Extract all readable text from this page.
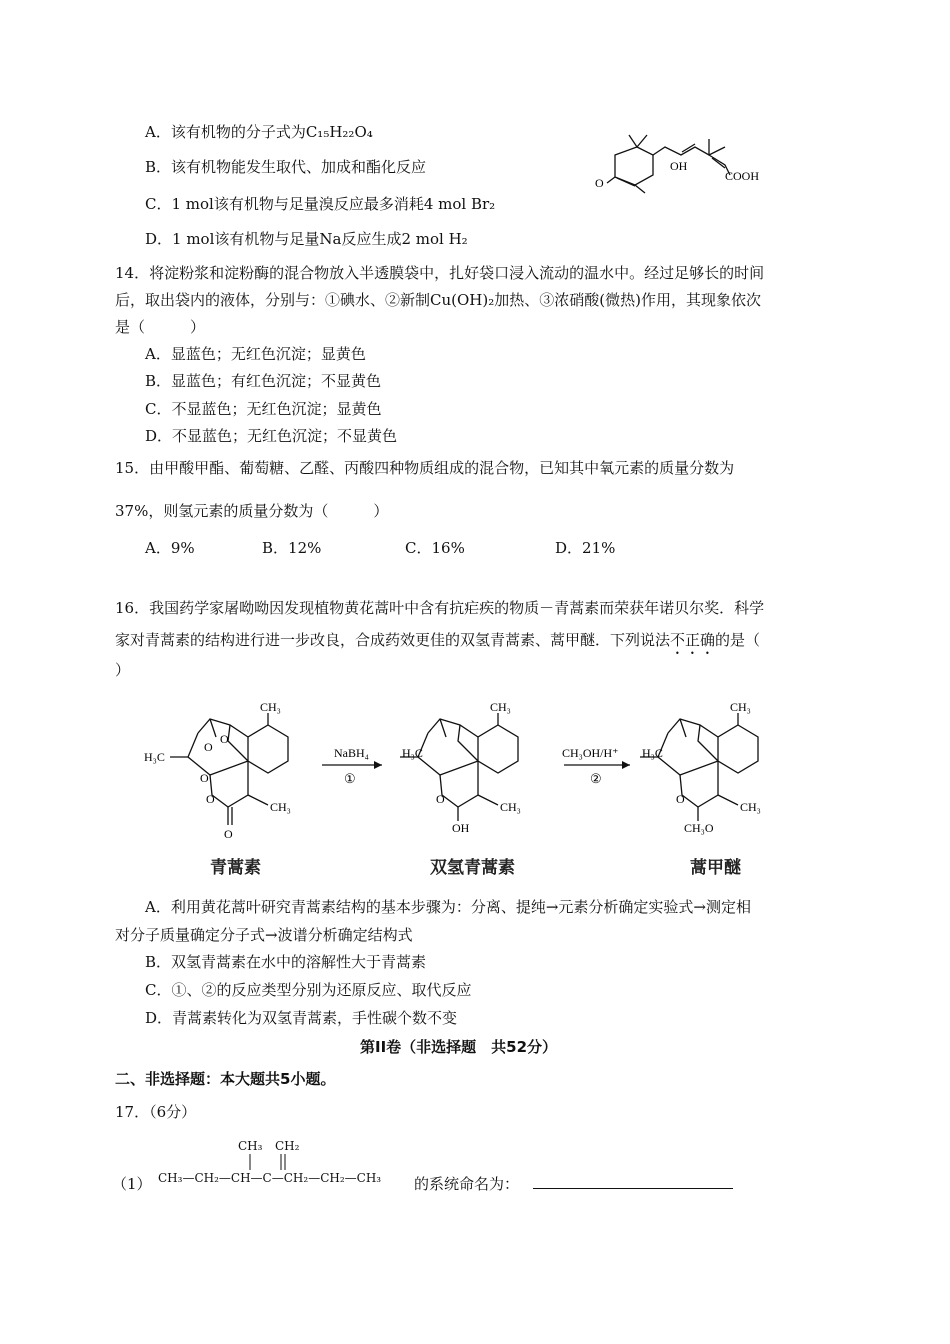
A．该有机物的分子式为C₁₅H₂₂O₄
B．该有机物能发生取代、加成和酯化反应
C．1 mol该有机物与足量溴反应最多消耗4 mol Br₂
D．1 mol该有机物与足量Na反应生成2 mol H₂
OH
COOH
O
14．将淀粉浆和淀粉酶的混合物放入半透膜袋中，扎好袋口浸入流动的温水中。经过足够长的时间
后，取出袋内的液体，分别与：①碘水、②新制Cu(OH)₂加热、③浓硝酸(微热)作用，其现象依次
是（　　　）
A．显蓝色；无红色沉淀；显黄色
B．显蓝色；有红色沉淀；不显黄色
C．不显蓝色；无红色沉淀；显黄色
D．不显蓝色；无红色沉淀；不显黄色
15．由甲酸甲酯、葡萄糖、乙醛、丙酸四种物质组成的混合物，已知其中氧元素的质量分数为
37%，则氢元素的质量分数为（　　　）
A．9%	B．12%	C．16%	D．21%
16．我国药学家屠呦呦因发现植物黄花蒿叶中含有抗疟疾的物质－青蒿素而荣获年诺贝尔奖．科学
家对青蒿素的结构进行进一步改良，合成药效更佳的双氢青蒿素、蒿甲醚．下列说法不正确的是（
）
CH₃
H₃C
CH₃
O
O
O
O
O
NaBH₄
①
CH₃
H₃C
CH₃
O
OH
CH₃OH/H⁺
②
CH₃
H₃C
CH₃
O
CH₃O
青蒿素	双氢青蒿素	蒿甲醚
A．利用黄花蒿叶研究青蒿素结构的基本步骤为：分离、提纯→元素分析确定实验式→测定相
对分子质量确定分子式→波谱分析确定结构式
B．双氢青蒿素在水中的溶解性大于青蒿素
C．①、②的反应类型分别为还原反应、取代反应
D．青蒿素转化为双氢青蒿素，手性碳个数不变
第II卷（非选择题　共52分）
二、非选择题：本大题共5小题。
17．（6分）
（1） CH₃—CH₂—CH—C—CH₂—CH₂—CH₃
CH₃ CH₂
的系统命名为：
